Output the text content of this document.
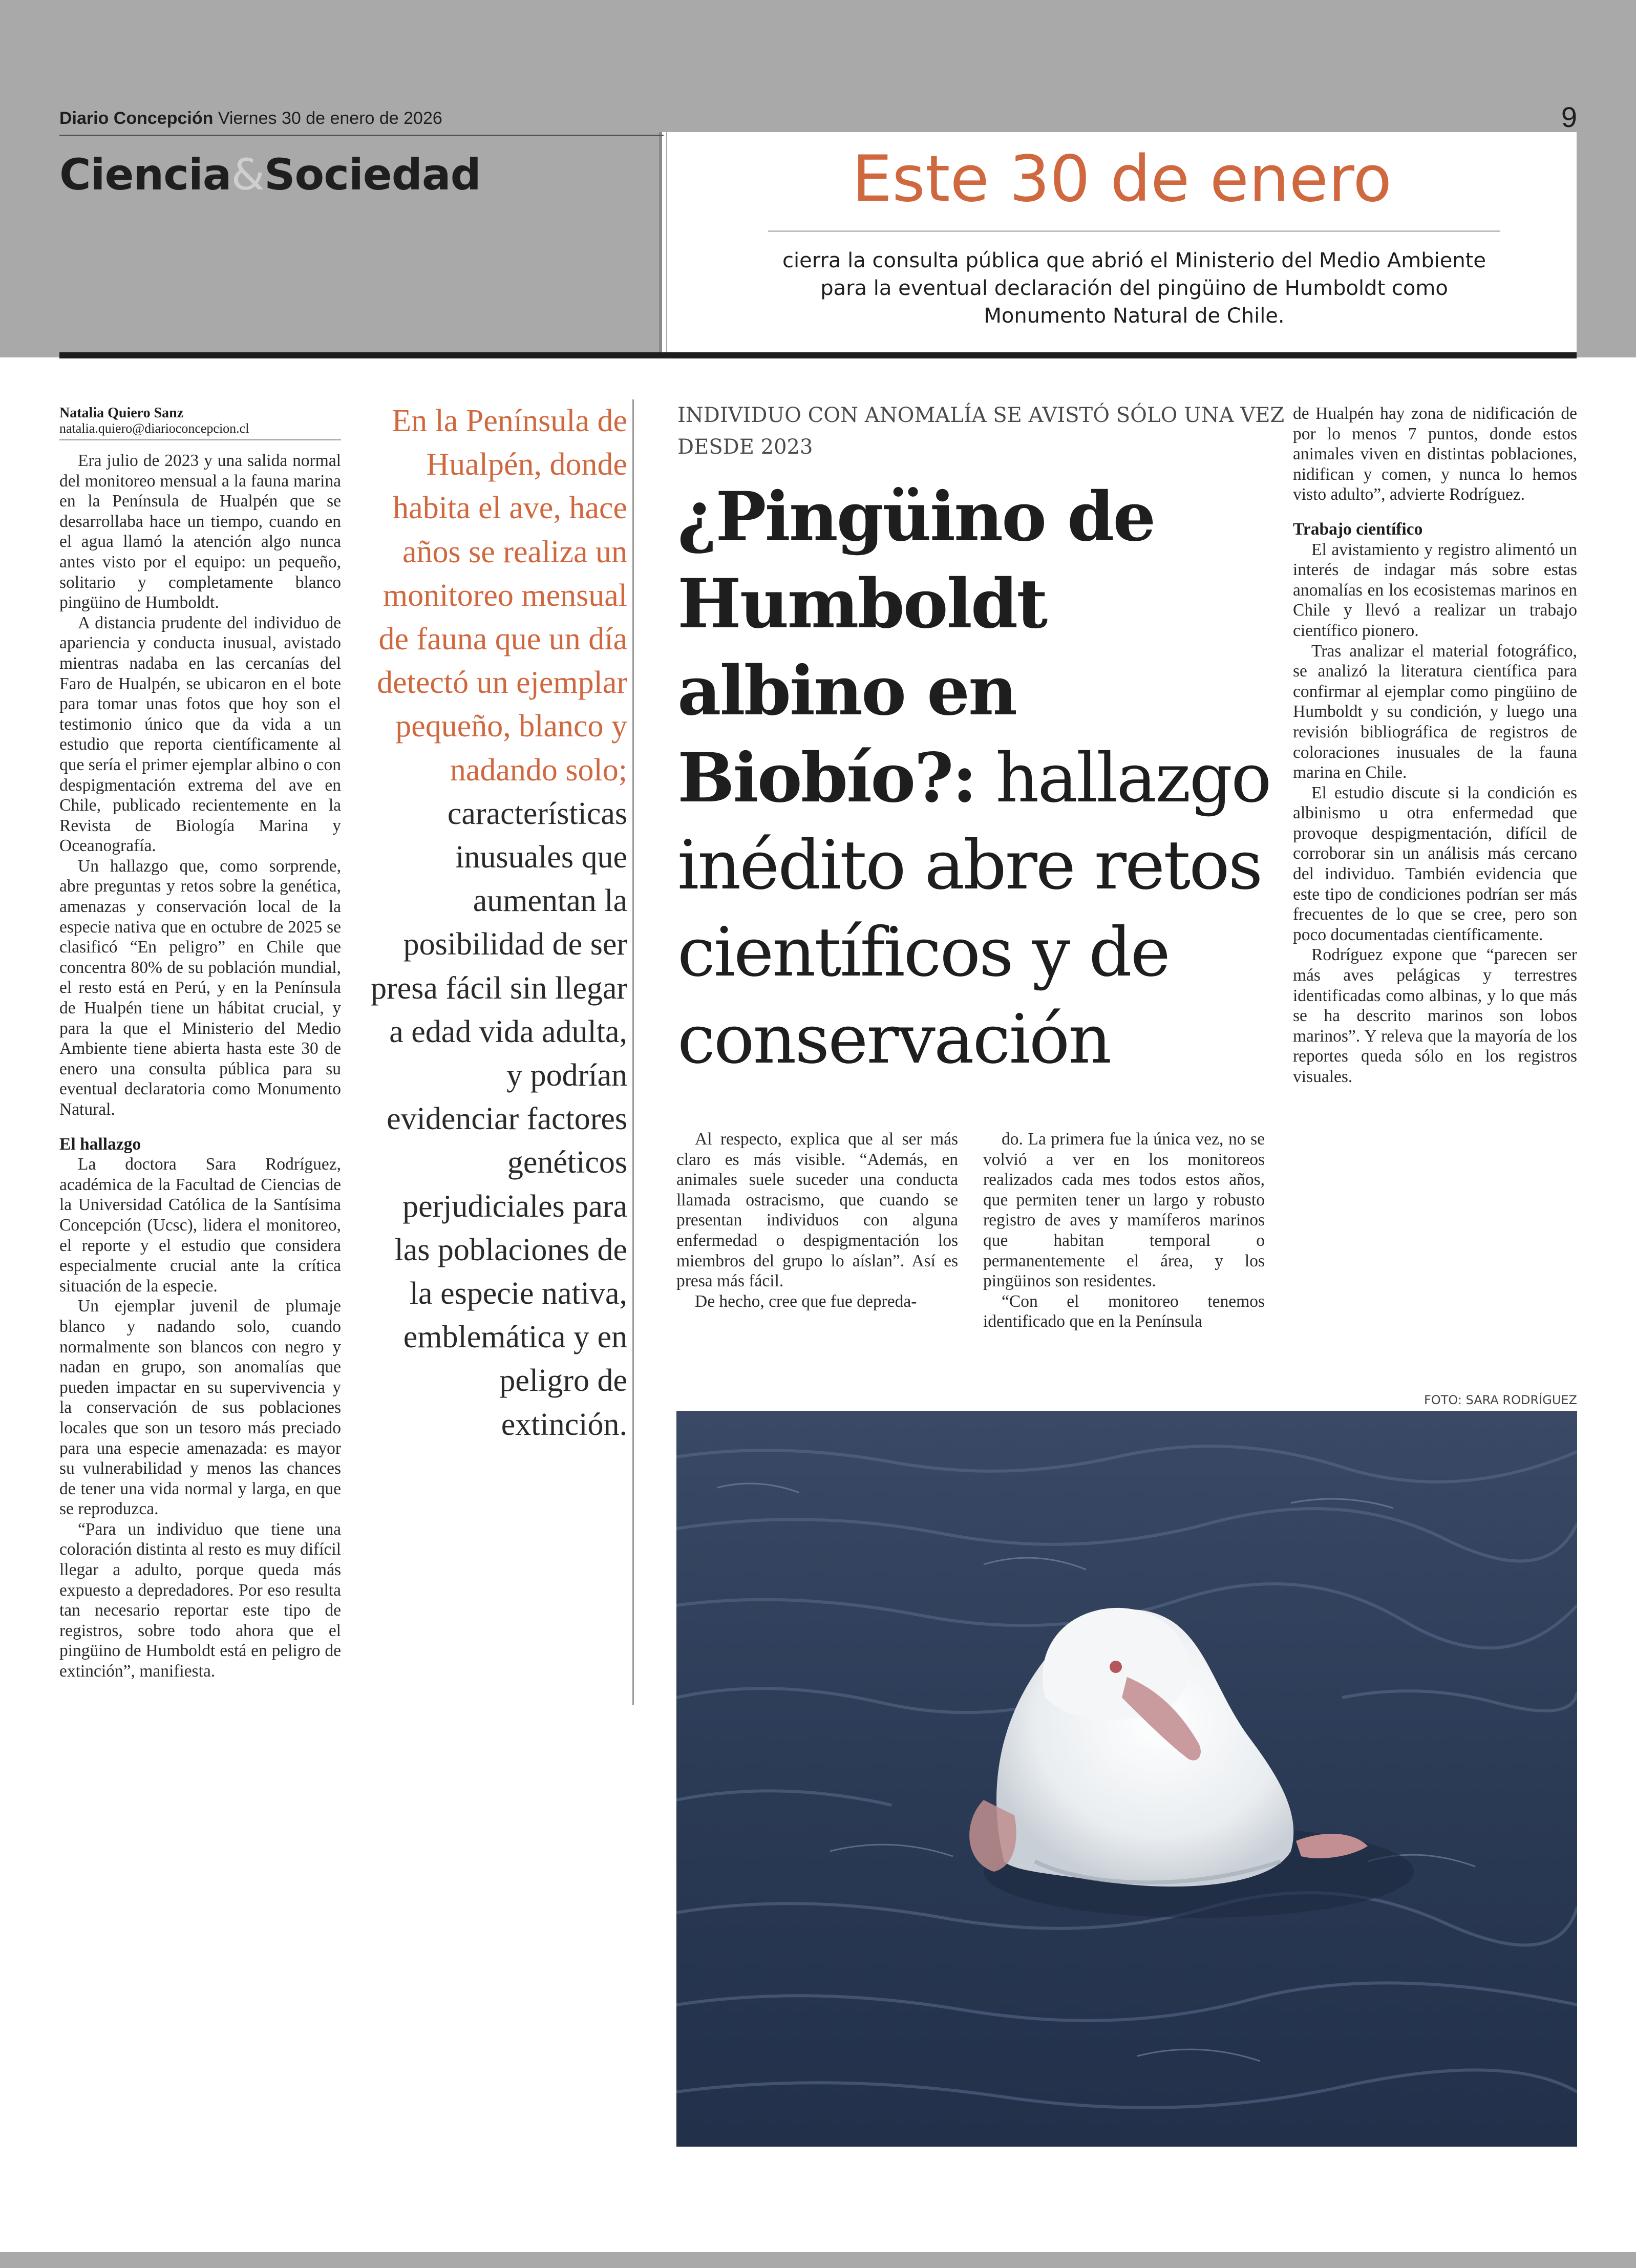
Diario Concepción Viernes 30 de enero de 2026	9
Ciencia&Sociedad	Este 30 de enero
cierra la consulta pública que abrió el Ministerio del Medio Ambiente para la eventual declaración del pingüino de Humboldt como Monumento Natural de Chile.
Natalia Quiero Sanz
natalia.quiero@diarioconcepcion.cl

Era julio de 2023 y una salida normal del monitoreo mensual a la fauna marina en la Península de Hualpén que se desarrollaba hace un tiempo, cuando en el agua llamó la atención algo nunca antes visto por el equipo: un pequeño, solitario y completamente blanco pingüino de Humboldt.

A distancia prudente del individuo de apariencia y conducta inusual, avistado mientras nadaba en las cercanías del Faro de Hualpén, se ubicaron en el bote para tomar unas fotos que hoy son el testimonio único que da vida a un estudio que reporta científicamente al que sería el primer ejemplar albino o con despigmentación extrema del ave en Chile, publicado recientemente en la Revista de Biología Marina y Oceanografía.

Un hallazgo que, como sorprende, abre preguntas y retos sobre la genética, amenazas y conservación local de la especie nativa que en octubre de 2025 se clasificó “En peligro” en Chile que concentra 80% de su población mundial, el resto está en Perú, y en la Península de Hualpén tiene un hábitat crucial, y para la que el Ministerio del Medio Ambiente tiene abierta hasta este 30 de enero una consulta pública para su eventual declaratoria como Monumento Natural.

El hallazgo

La doctora Sara Rodríguez, académica de la Facultad de Ciencias de la Universidad Católica de la Santísima Concepción (Ucsc), lidera el monitoreo, el reporte y el estudio que considera especialmente crucial ante la crítica situación de la especie.

Un ejemplar juvenil de plumaje blanco y nadando solo, cuando normalmente son blancos con negro y nadan en grupo, son anomalías que pueden impactar en su supervivencia y la conservación de sus poblaciones locales que son un tesoro más preciado para una especie amenazada: es mayor su vulnerabilidad y menos las chances de tener una vida normal y larga, en que se reproduzca.

“Para un individuo que tiene una coloración distinta al resto es muy difícil llegar a adulto, porque queda más expuesto a depredadores. Por eso resulta tan necesario reportar este tipo de registros, sobre todo ahora que el pingüino de Humboldt está en peligro de extinción”, manifiesta.

En la Península de Hualpén, donde habita el ave, hace años se realiza un monitoreo mensual de fauna que un día detectó un ejemplar pequeño, blanco y nadando solo; características inusuales que aumentan la posibilidad de ser presa fácil sin llegar a edad vida adulta, y podrían evidenciar factores genéticos perjudiciales para las poblaciones de la especie nativa, emblemática y en peligro de extinción.
INDIVIDUO CON ANOMALÍA SE AVISTÓ SÓLO UNA VEZ DESDE 2023
¿Pingüino de Humboldt albino en Biobío?: hallazgo inédito abre retos científicos y de conservación

Al respecto, explica que al ser más claro es más visible. “Además, en animales suele suceder una conducta llamada ostracismo, que cuando se presentan individuos con alguna enfermedad o despigmentación los miembros del grupo lo aíslan”. Así es presa más fácil.

De hecho, cree que fue depreda-

do. La primera fue la única vez, no se volvió a ver en los monitoreos realizados cada mes todos estos años, que permiten tener un largo y robusto registro de aves y mamíferos marinos que habitan temporal o permanentemente el área, y los pingüinos son residentes.

“Con el monitoreo tenemos identificado que en la Península

de Hualpén hay zona de nidificación de por lo menos 7 puntos, donde estos animales viven en distintas poblaciones, nidifican y comen, y nunca lo hemos visto adulto”, advierte Rodríguez.

Trabajo científico

El avistamiento y registro alimentó un interés de indagar más sobre estas anomalías en los ecosistemas marinos en Chile y llevó a realizar un trabajo científico pionero.

Tras analizar el material fotográfico, se analizó la literatura científica para confirmar al ejemplar como pingüino de Humboldt y su condición, y luego una revisión bibliográfica de registros de coloraciones inusuales de la fauna marina en Chile.

El estudio discute si la condición es albinismo u otra enfermedad que provoque despigmentación, difícil de corroborar sin un análisis más cercano del individuo. También evidencia que este tipo de condiciones podrían ser más frecuentes de lo que se cree, pero son poco documentadas científicamente.

Rodríguez expone que “parecen ser más aves pelágicas y terrestres identificadas como albinas, y lo que más se ha descrito marinos son lobos marinos”. Y releva que la mayoría de los reportes queda sólo en los registros visuales.

FOTO: SARA RODRÍGUEZ
